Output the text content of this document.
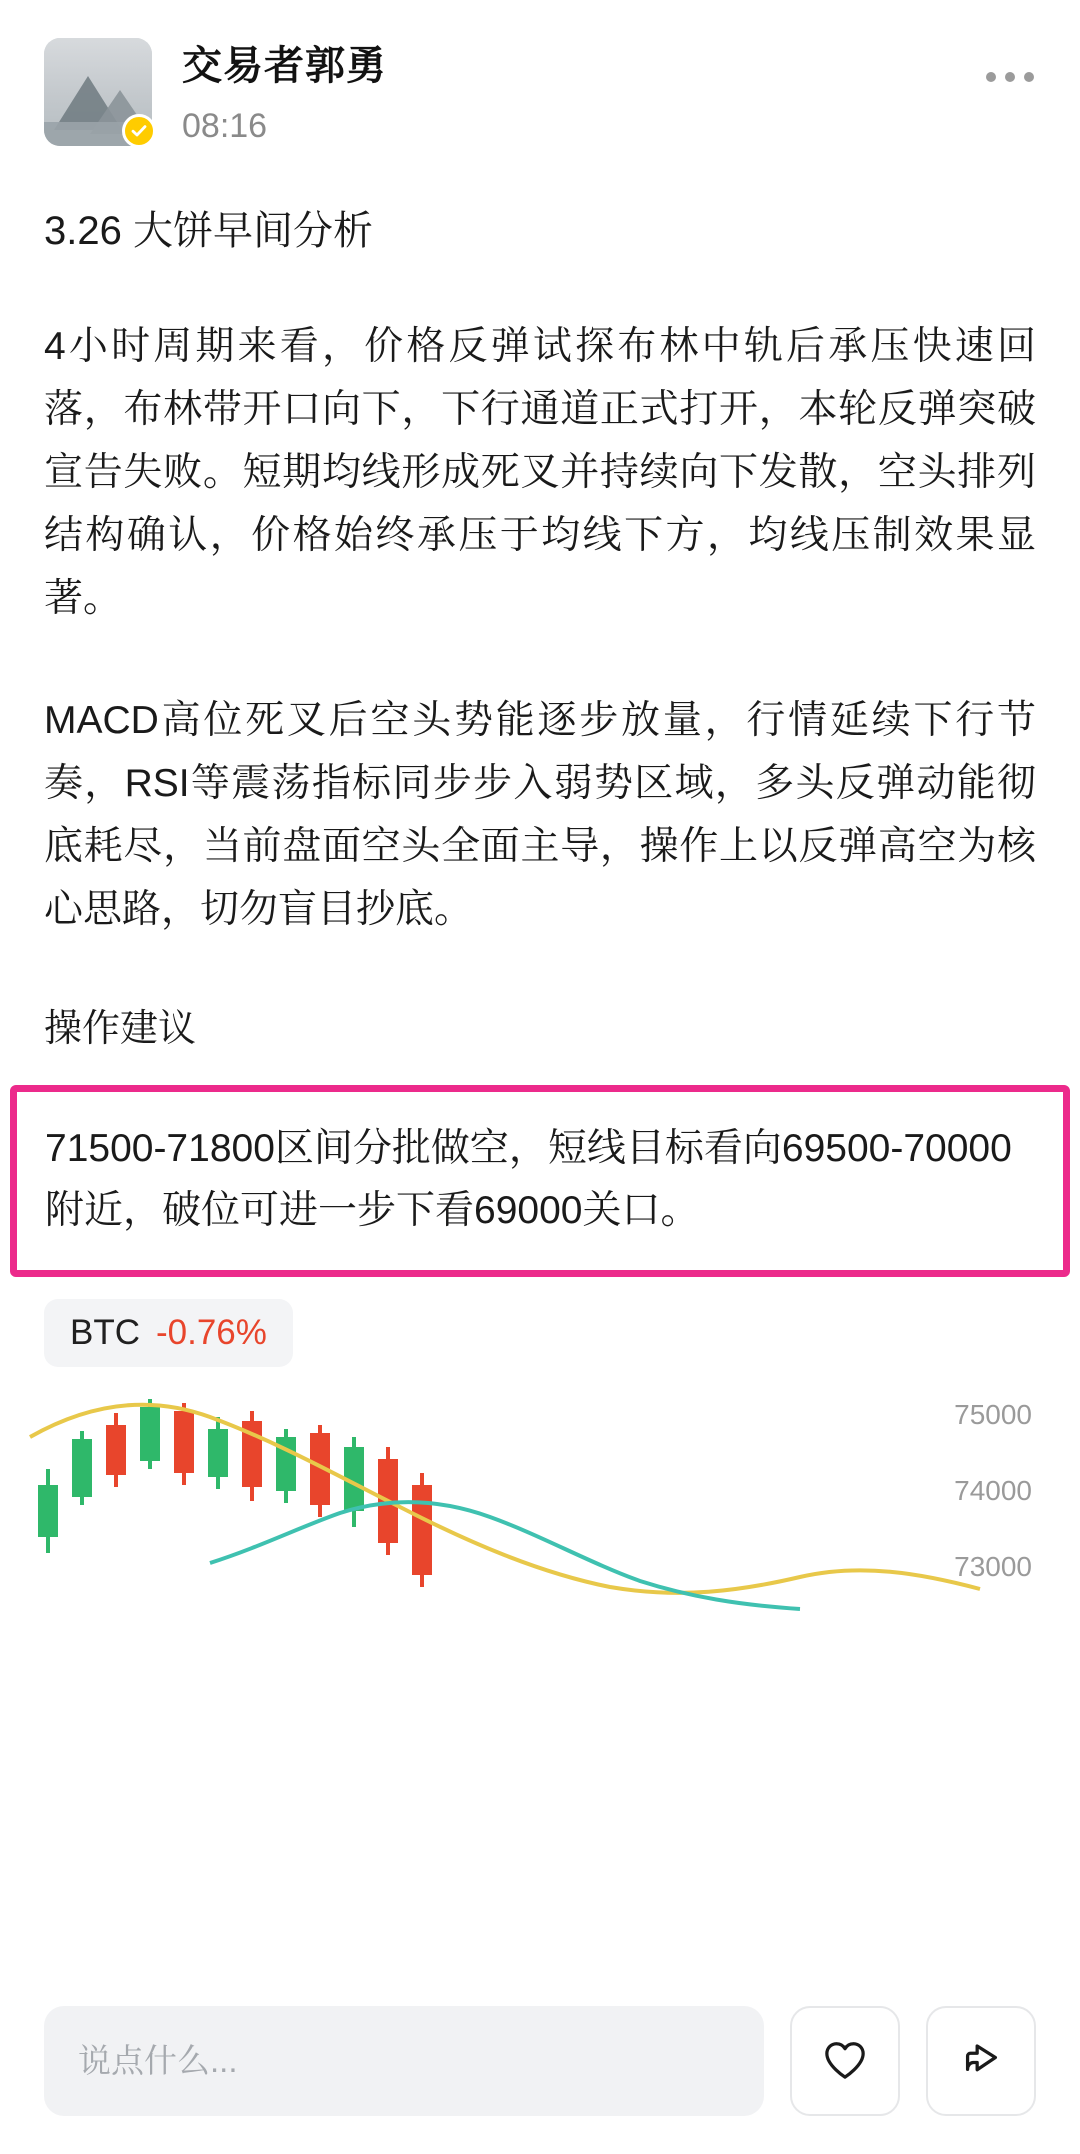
交易者郭勇
08:16
3.26 大饼早间分析
4小时周期来看，价格反弹试探布林中轨后承压快速回落，布林带开口向下，下行通道正式打开，本轮反弹突破宣告失败。短期均线形成死叉并持续向下发散，空头排列结构确认，价格始终承压于均线下方，均线压制效果显著。
MACD高位死叉后空头势能逐步放量，行情延续下行节奏，RSI等震荡指标同步步入弱势区域，多头反弹动能彻底耗尽，当前盘面空头全面主导，操作上以反弹高空为核心思路，切勿盲目抄底。
操作建议
71500-71800区间分批做空，短线目标看向69500-70000附近，破位可进一步下看69000关口。
BTC -0.76%
75000
74000
73000
说点什么...
